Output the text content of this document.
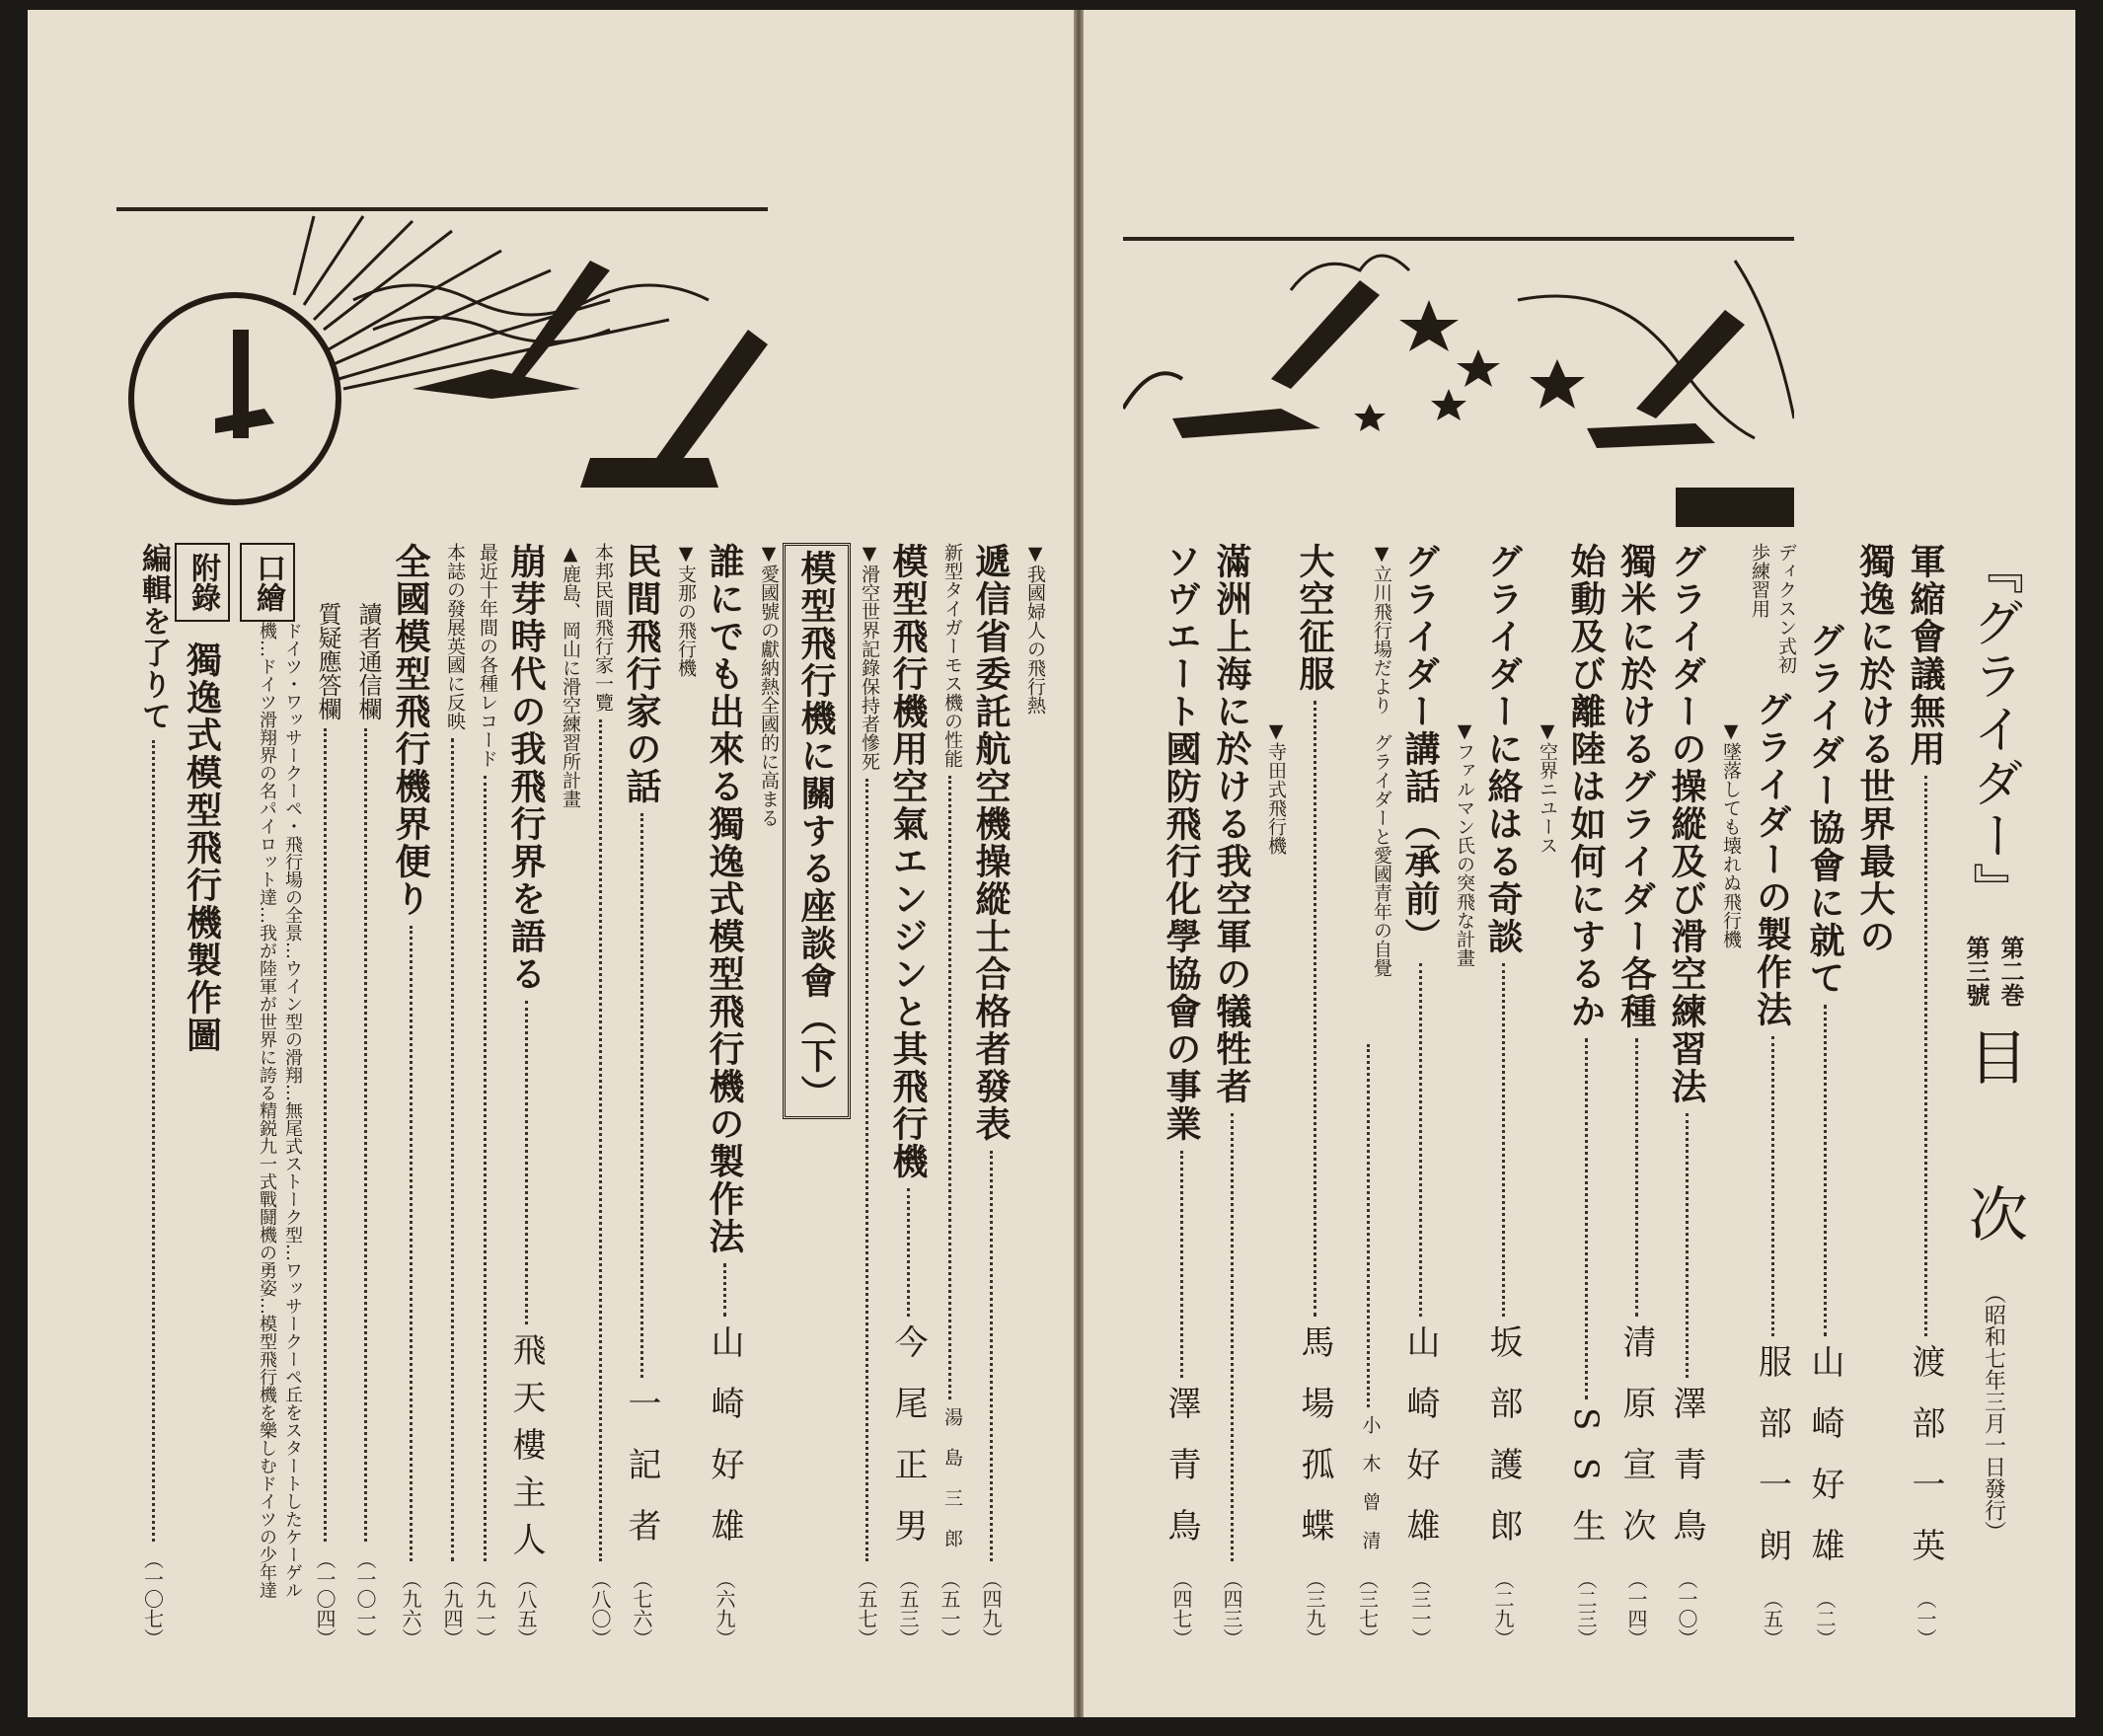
▼我國婦人の飛行熱
遞信省委託航空機操縱士合格者發表
（四九）
新型タイガーモス機の性能
湯島三郎
（五一）
模型飛行機用空氣エンジンと其飛行機
今尾正男
（五三）
▼滑空世界記錄保持者慘死
（五七）
模型飛行機に關する座談會（下）
▼愛國號の獻納熱全國的に高まる
誰にでも出來る獨逸式模型飛行機の製作法
山崎好雄
（六九）
▼支那の飛行機
民間飛行家の話
一記者
（七六）
本邦民間飛行家一覽
（八〇）
▲鹿島、岡山に滑空練習所計畫
崩芽時代の我飛行界を語る
飛天樓主人
（八五）
最近十年間の各種レコード
（九一）
本誌の發展英國に反映
（九四）
全國模型飛行機界便り
（九六）
讀者通信欄
（一〇一）
質疑應答欄
（一〇四）
口繪
ドイツ・ワッサークーペ・飛行場の全景…ウイン型の滑翔…無尾式ストーク型…ワッサークーペ丘をスタートしたケーゲル機…ドイツ滑翔界の名パイロット達…我が陸軍が世界に誇る精鋭九一式戰鬪機の勇姿…模型飛行機を樂しむドイツの少年達
附錄
獨逸式模型飛行機製作圖
編輯を了りて
（一〇七）
『グライダー』
第二巻
第三號
目 次
（昭和七年三月一日發行）
軍縮會議無用
渡部一英
（一）
獨逸に於ける世界最大の
グライダー協會に就て
山崎好雄
（二）
ディクスン式初歩練習用
グライダーの製作法
服部一朗
（五）
▼墜落しても壊れぬ飛行機
グライダーの操縱及び滑空練習法
澤青鳥
（一〇）
獨米に於けるグライダー各種
清原宣次
（一四）
始動及び離陸は如何にするか
SS生
（二三）
▼空界ニユース
グライダーに絡はる奇談
坂部護郎
（二九）
▼ファルマン氏の突飛な計畫
グライダー講話（承前）
山崎好雄
（三一）
▼立川飛行場だより　グライダーと愛國青年の自覺
小木曾清
（三七）
大空征服
馬場孤蝶
（三九）
▼寺田式飛行機
滿洲上海に於ける我空軍の犠牲者
（四三）
ソヴエート國防飛行化學協會の事業
澤青鳥
（四七）
